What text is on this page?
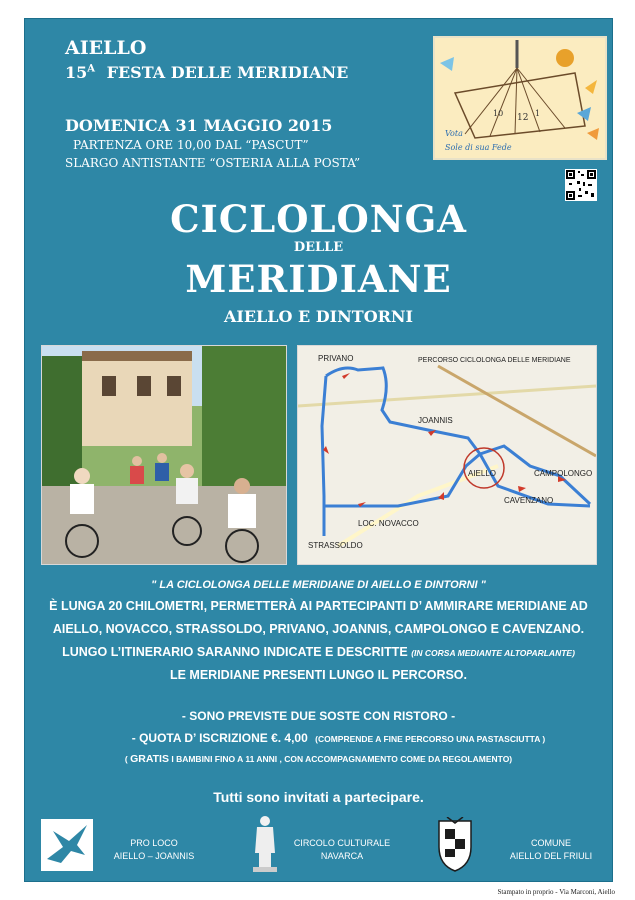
AIELLO
$15^A$ FESTA DELLE MERIDIANE
DOMENICA 31 MAGGIO 2015
PARTENZA ORE 10,00 DAL “PASCUT”
SLARGO ANTISTANTE “OSTERIA ALLA POSTA”
12
10	1
Vota
Sole di sua Fede
CICLOLONGA
DELLE
MERIDIANE
AIELLO E DINTORNI
PERCORSO CICLOLONGA DELLE MERIDIANE
PRIVANO
JOANNIS
AIELLO	CAMPOLONGO
CAVENZANO
LOC. NOVACCO
STRASSOLDO
" LA CICLOLONGA DELLE MERIDIANE DI AIELLO E DINTORNI "
È LUNGA 20 CHILOMETRI, PERMETTERÀ AI PARTECIPANTI D’ AMMIRARE MERIDIANE AD
AIELLO, NOVACCO, STRASSOLDO, PRIVANO, JOANNIS, CAMPOLONGO E CAVENZANO.
LUNGO L’ITINERARIO SARANNO INDICATE E DESCRITTE (IN CORSA MEDIANTE ALTOPARLANTE)
LE MERIDIANE PRESENTI LUNGO IL PERCORSO.
- SONO PREVISTE DUE SOSTE CON RISTORO -
- QUOTA D’ ISCRIZIONE €. 4,00 (COMPRENDE A FINE PERCORSO UNA PASTASCIUTTA )
( GRATIS I BAMBINI FINO A 11 ANNI , CON ACCOMPAGNAMENTO COME DA REGOLAMENTO)
Tutti sono invitati a partecipare.
PRO LOCO
AIELLO – JOANNIS
CIRCOLO CULTURALE
NAVARCA
COMUNE
AIELLO DEL FRIULI
Stampato in proprio - Via Marconi, Aiello
